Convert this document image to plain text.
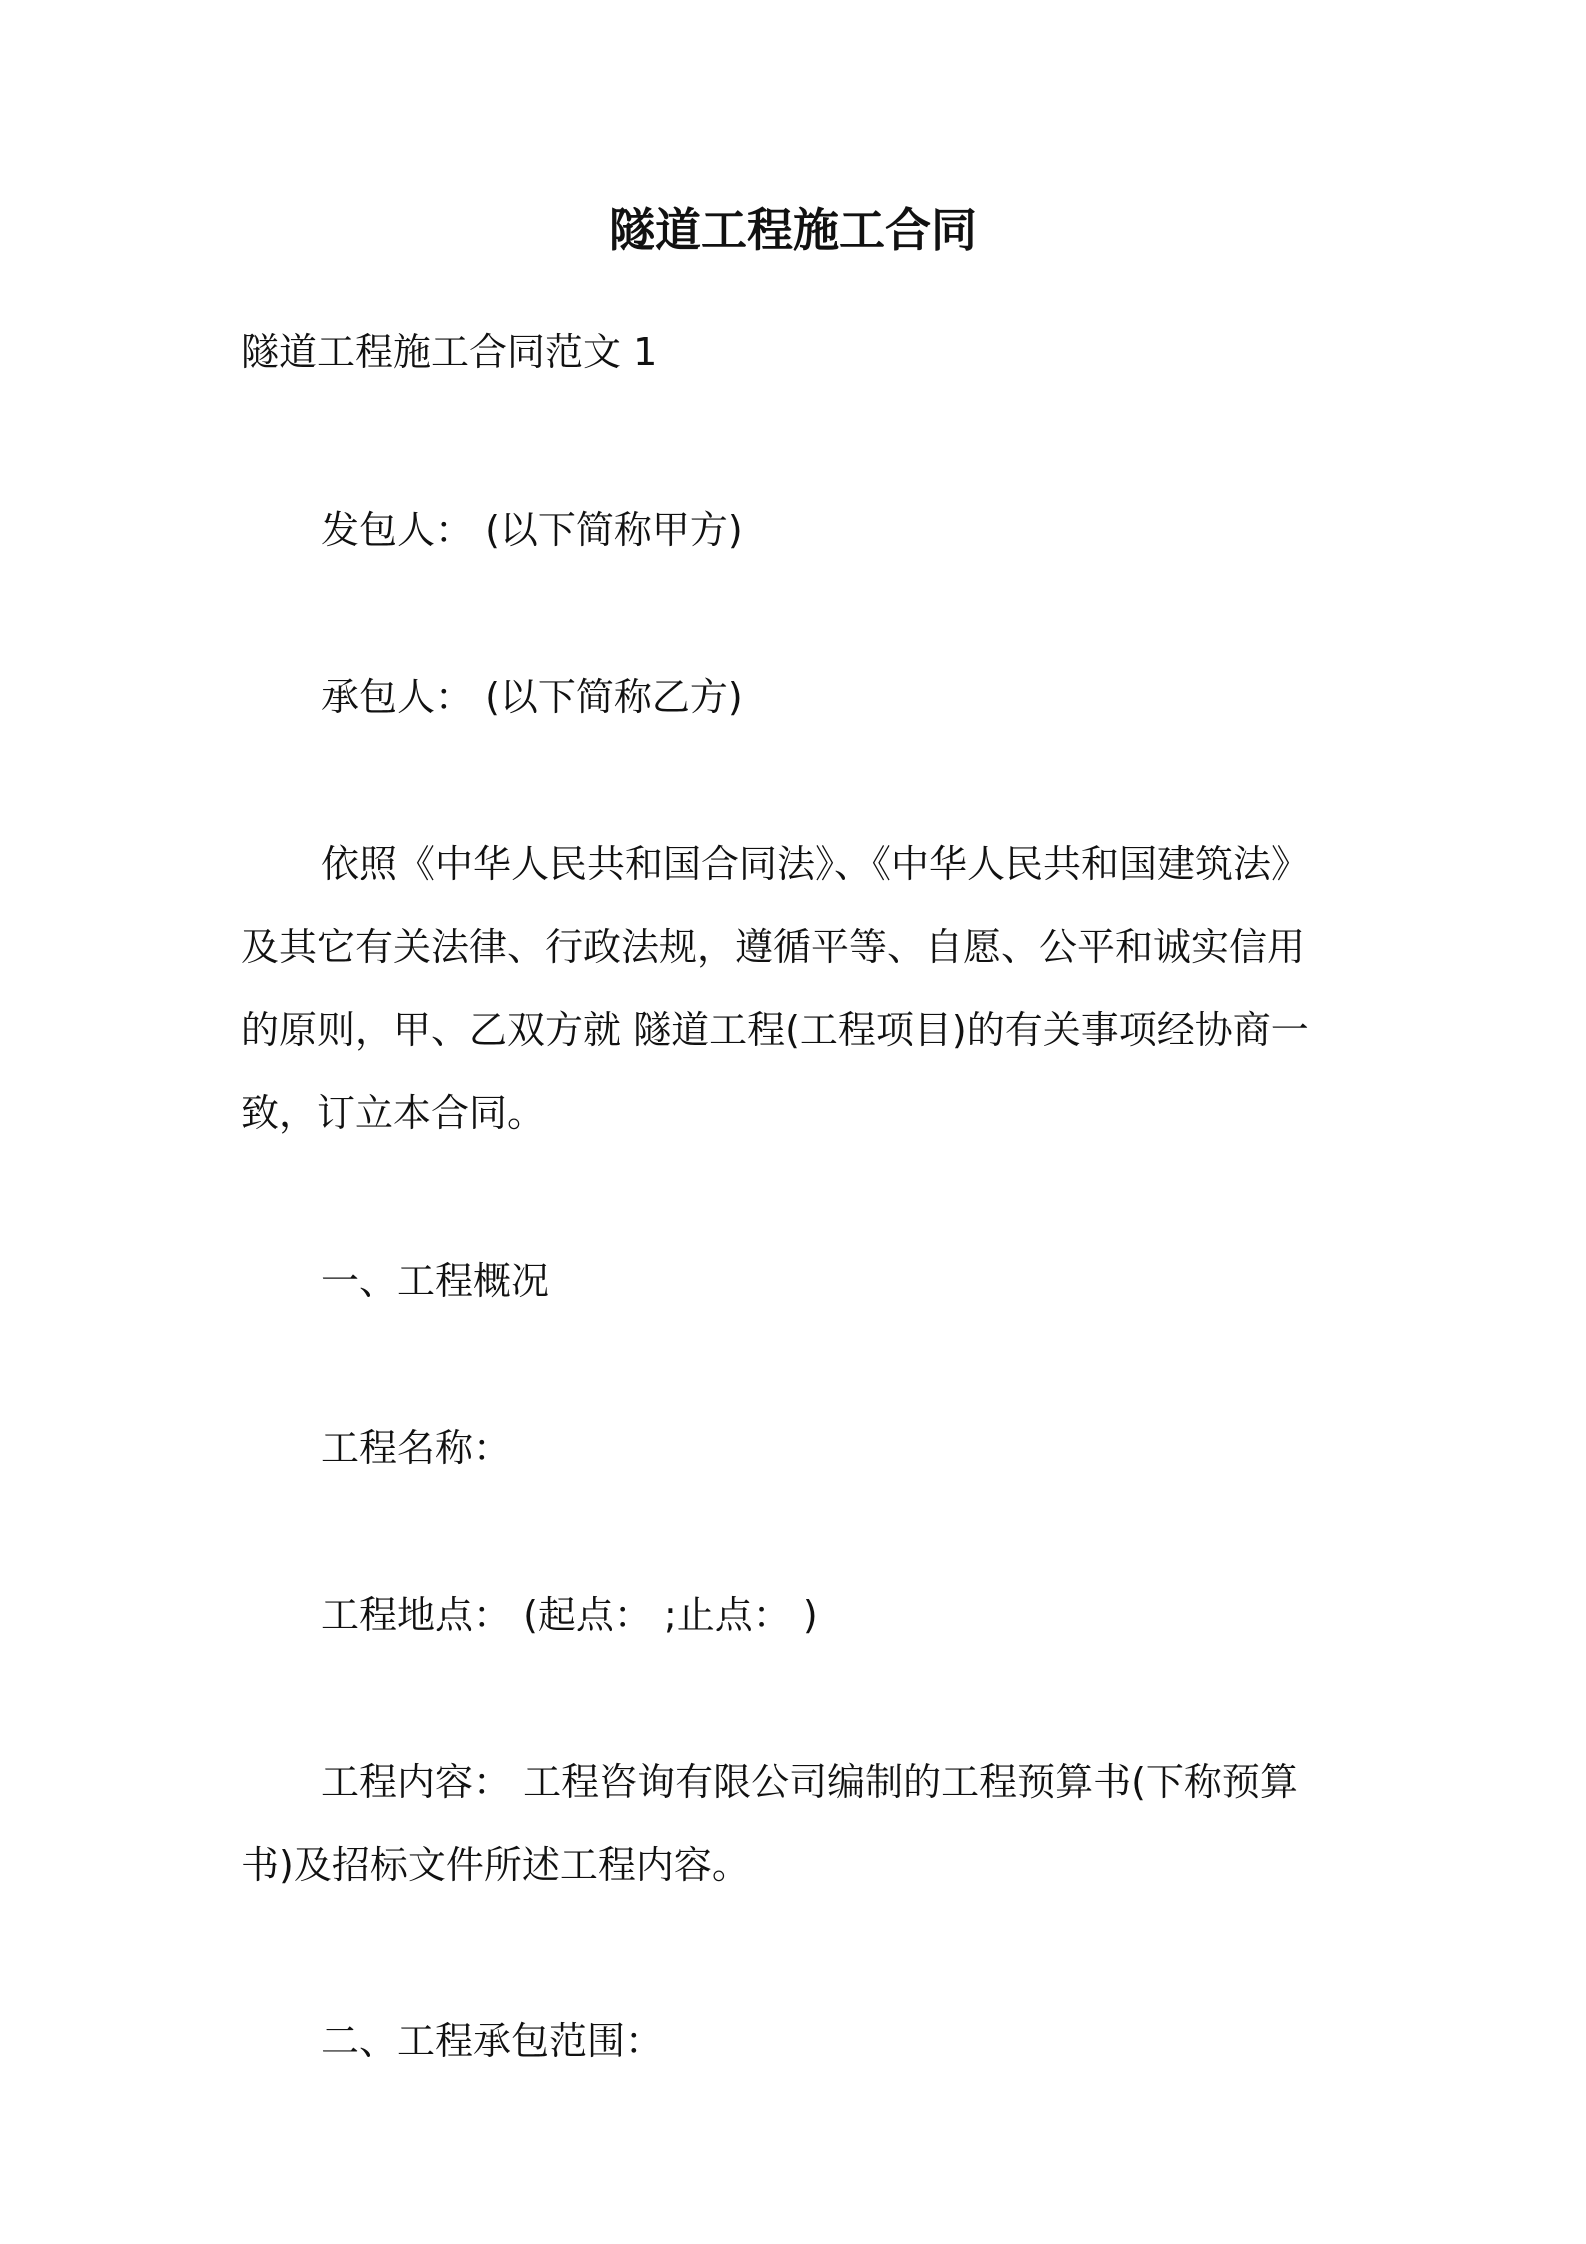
隧道工程施工合同
隧道工程施工合同范文 1
发包人： (以下简称甲方)
承包人： (以下简称乙方)
依照《中华人民共和国合同法》、《中华人民共和国建筑法》
及其它有关法律、行政法规，遵循平等、自愿、公平和诚实信用
的原则，甲、乙双方就 隧道工程(工程项目)的有关事项经协商一
致，订立本合同。
一、工程概况
工程名称：
工程地点： (起点： ;止点： )
工程内容： 工程咨询有限公司编制的工程预算书(下称预算
书)及招标文件所述工程内容。
二、工程承包范围：
